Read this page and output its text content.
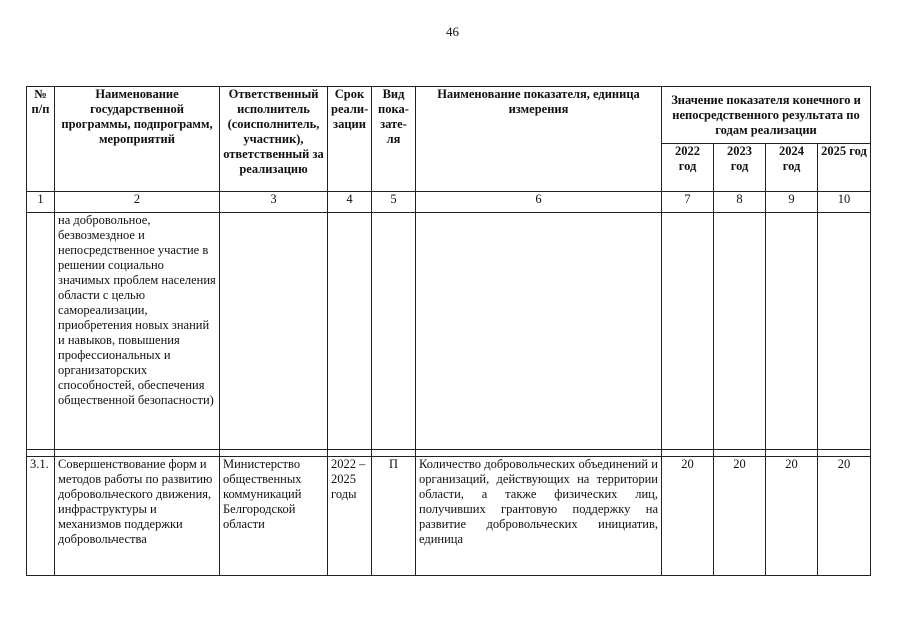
46
№ п/п	Наименование государственной программы, подпрограмм, мероприятий	Ответственный исполнитель (соисполнитель, участник), ответственный за реализацию	Срок реали-зации	Вид пока-зате-ля	Наименование показателя, единица измерения	Значение показателя конечного и непосредственного результата по годам реализации			
						2022 год	2023 год	2024 год	2025 год
1	2	3	4	5	6	7	8	9	10
	на добровольное, безвозмездное и непосредственное участие в решении социально значимых проблем населения области с целью самореализации, приобретения новых знаний и навыков, повышения профессиональных и организаторских способностей, обеспечения общественной безопасности)								

3.1.	Совершенствование форм и методов работы по развитию добровольческого движения, инфраструктуры и механизмов поддержки добровольчества	Министерство общественных коммуникаций Белгородской области	2022 – 2025 годы	П	Количество добровольческих объединений и организаций, действующих на территории области, а также физических лиц, получивших грантовую поддержку на развитие добровольческих инициатив, единица	20	20	20	20
